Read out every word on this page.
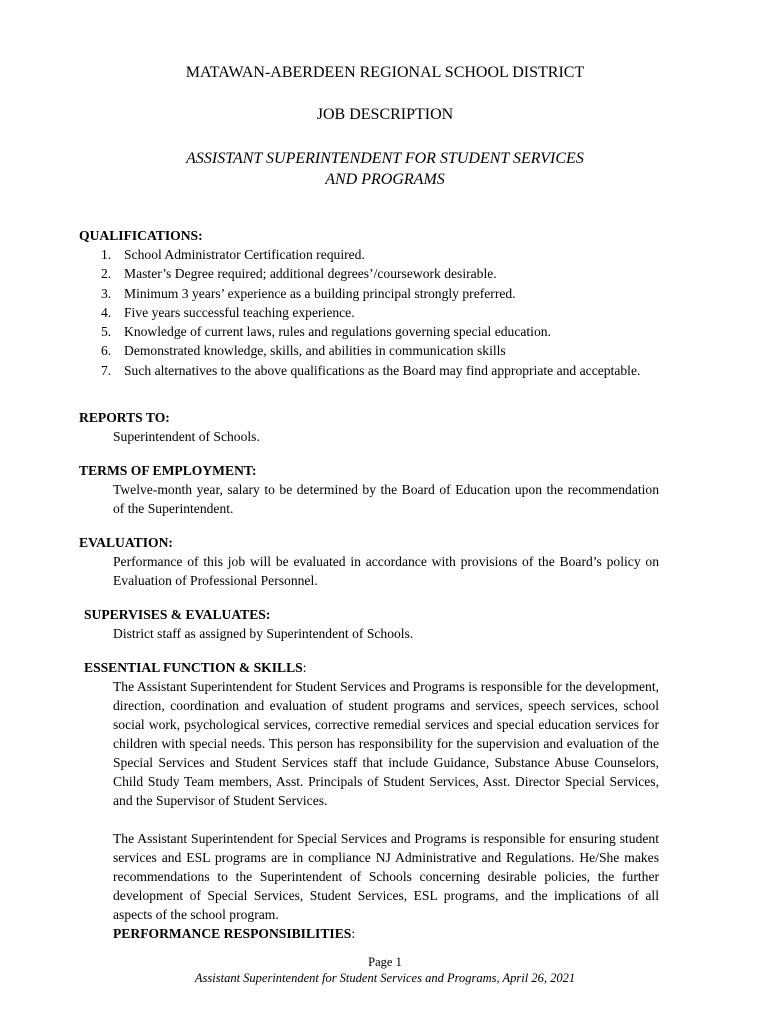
MATAWAN-ABERDEEN REGIONAL SCHOOL DISTRICT
JOB DESCRIPTION
ASSISTANT SUPERINTENDENT FOR STUDENT SERVICES
AND PROGRAMS
QUALIFICATIONS:
1. School Administrator Certification required.
2. Master’s Degree required; additional degrees’/coursework desirable.
3. Minimum 3 years’ experience as a building principal strongly preferred.
4. Five years successful teaching experience.
5. Knowledge of current laws, rules and regulations governing special education.
6. Demonstrated knowledge, skills, and abilities in communication skills
7. Such alternatives to the above qualifications as the Board may find appropriate and acceptable.
REPORTS TO:
Superintendent of Schools.
TERMS OF EMPLOYMENT:
Twelve-month year, salary to be determined by the Board of Education upon the recommendation of the Superintendent.
EVALUATION:
Performance of this job will be evaluated in accordance with provisions of the Board’s policy on Evaluation of Professional Personnel.
SUPERVISES & EVALUATES:
District staff as assigned by Superintendent of Schools.
ESSENTIAL FUNCTION & SKILLS:
The Assistant Superintendent for Student Services and Programs is responsible for the development, direction, coordination and evaluation of student programs and services, speech services, school social work, psychological services, corrective remedial services and special education services for children with special needs. This person has responsibility for the supervision and evaluation of the Special Services and Student Services staff that include Guidance, Substance Abuse Counselors, Child Study Team members, Asst. Principals of Student Services, Asst. Director Special Services, and the Supervisor of Student Services.
The Assistant Superintendent for Special Services and Programs is responsible for ensuring student services and ESL programs are in compliance NJ Administrative and Regulations. He/She makes recommendations to the Superintendent of Schools concerning desirable policies, the further development of Special Services, Student Services, ESL programs, and the implications of all aspects of the school program.
PERFORMANCE RESPONSIBILITIES:
Page 1
Assistant Superintendent for Student Services and Programs, April 26, 2021
